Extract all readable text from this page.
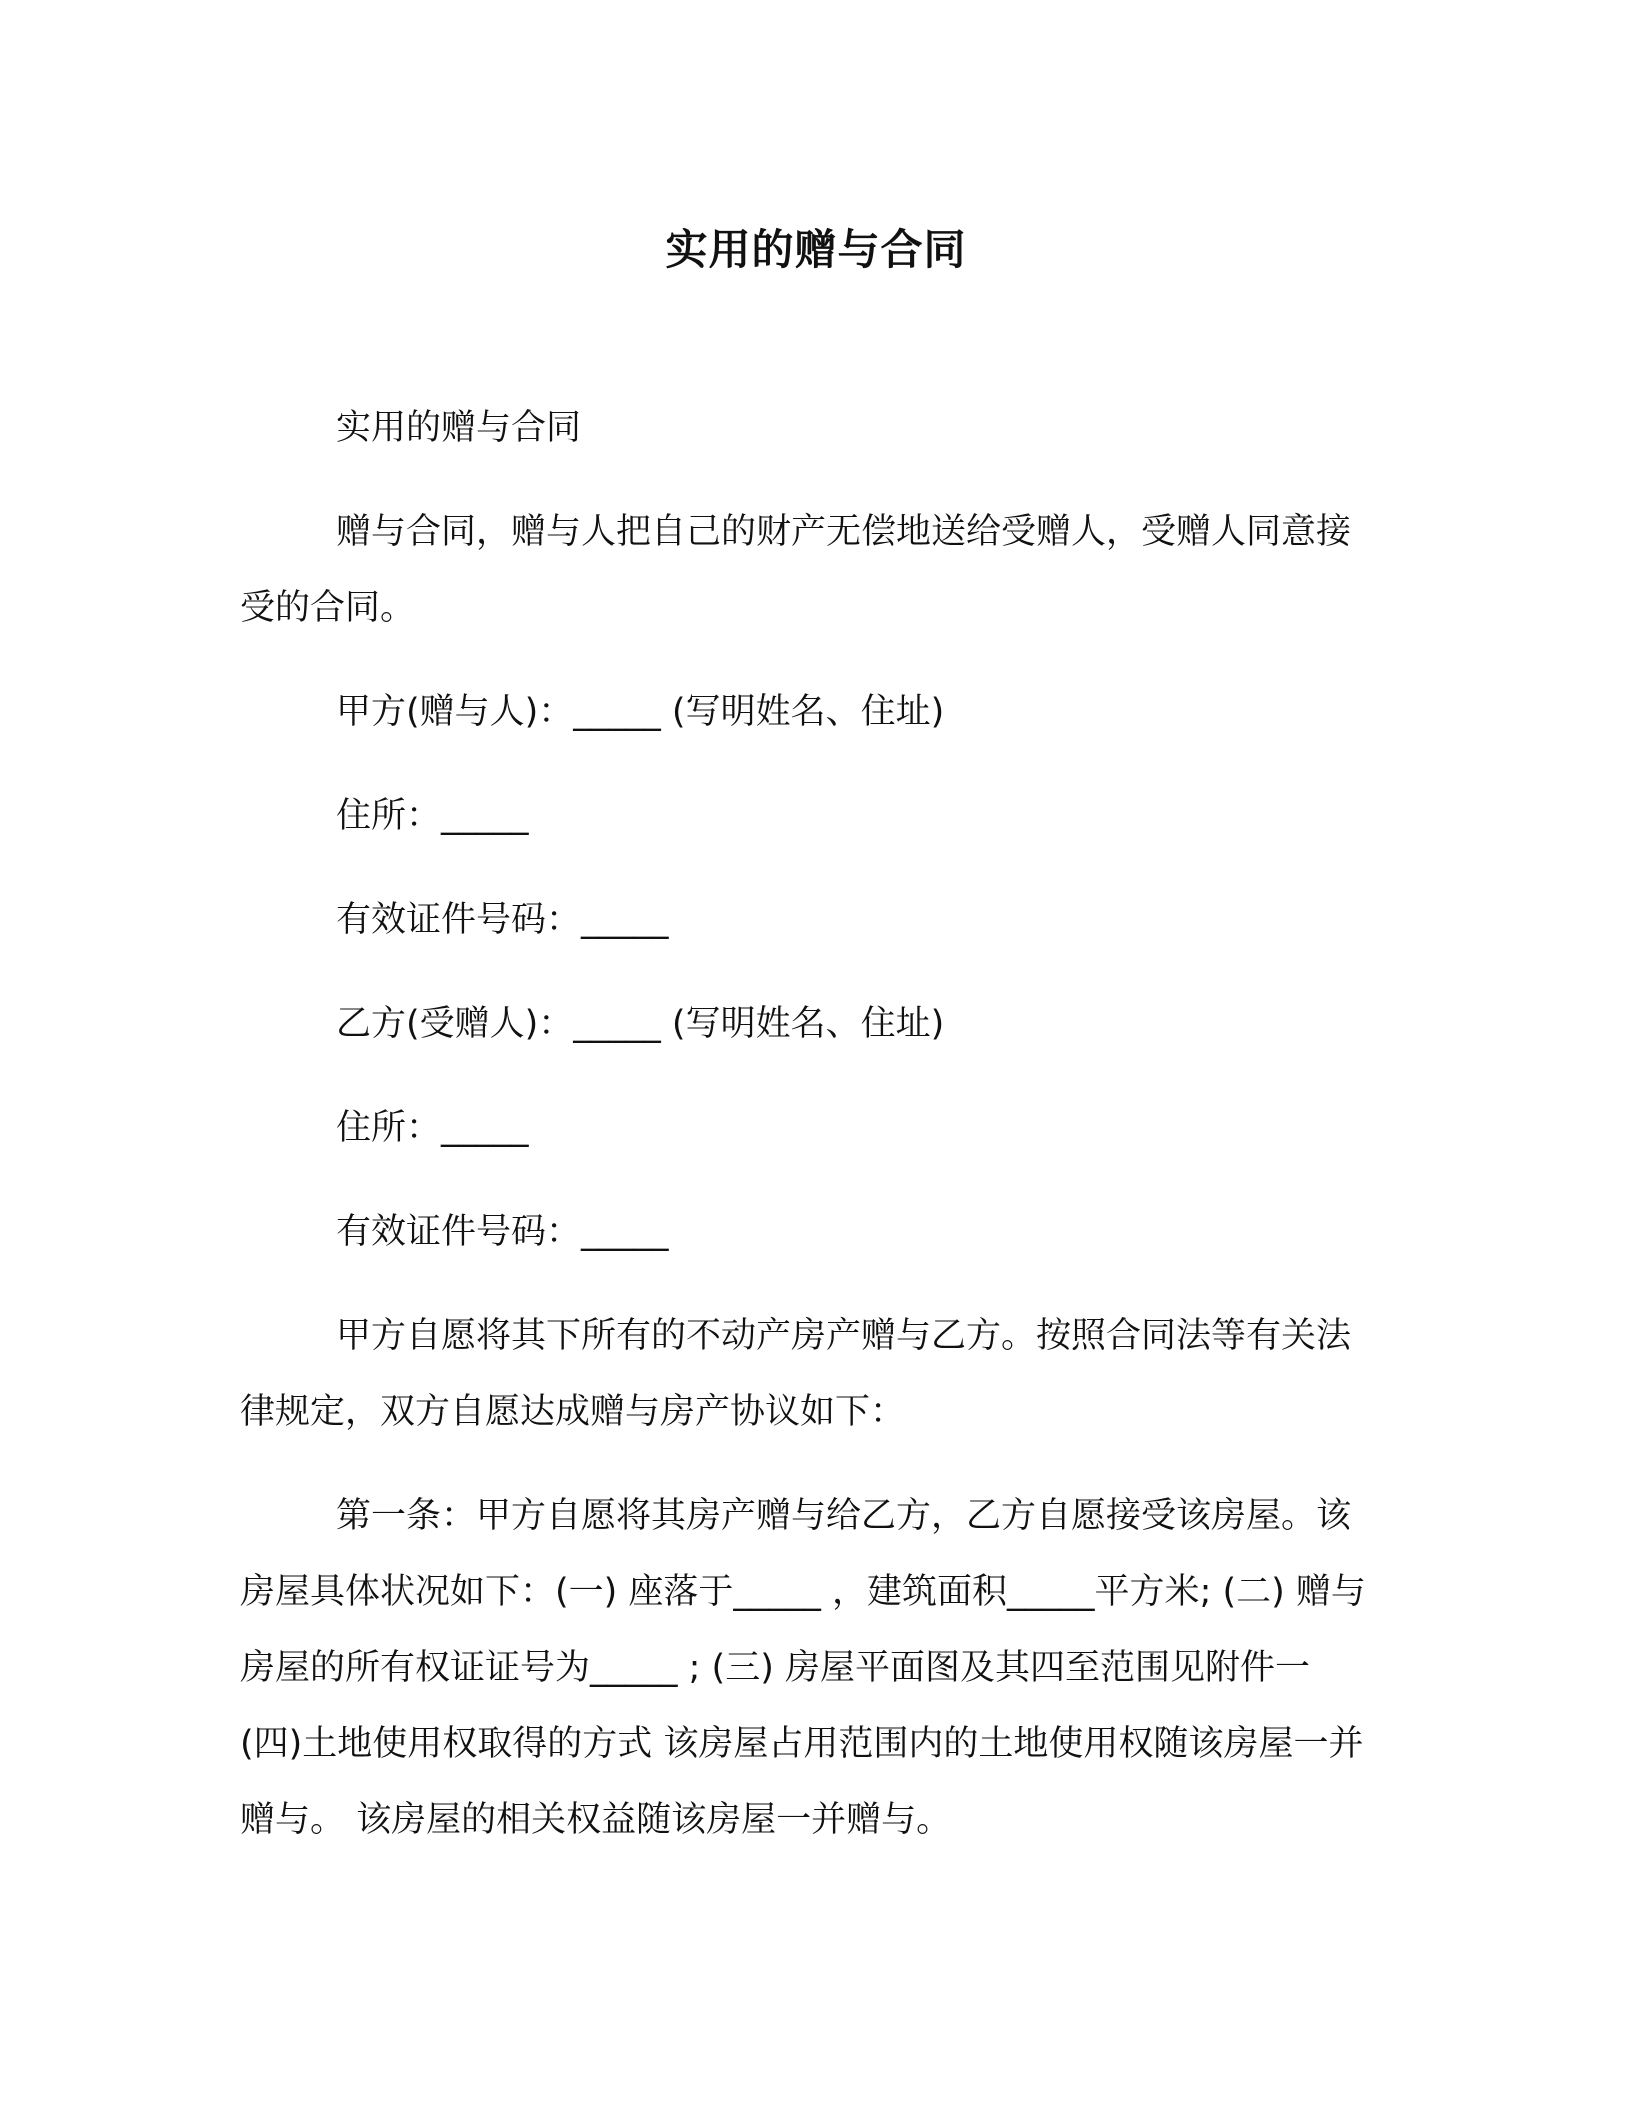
实用的赠与合同

实用的赠与合同

赠与合同，赠与人把自己的财产无偿地送给受赠人，受赠人同意接受的合同。

甲方(赠与人)：_____ (写明姓名、住址)

住所：_____

有效证件号码：_____

乙方(受赠人)：_____ (写明姓名、住址)

住所：_____

有效证件号码：_____

甲方自愿将其下所有的不动产房产赠与乙方。按照合同法等有关法律规定，双方自愿达成赠与房产协议如下：

第一条：甲方自愿将其房产赠与给乙方，乙方自愿接受该房屋。该房屋具体状况如下：(一) 座落于_____ ，建筑面积_____平方米; (二) 赠与房屋的所有权证证号为_____ ; (三) 房屋平面图及其四至范围见附件一 (四)土地使用权取得的方式 该房屋占用范围内的土地使用权随该房屋一并赠与。 该房屋的相关权益随该房屋一并赠与。
